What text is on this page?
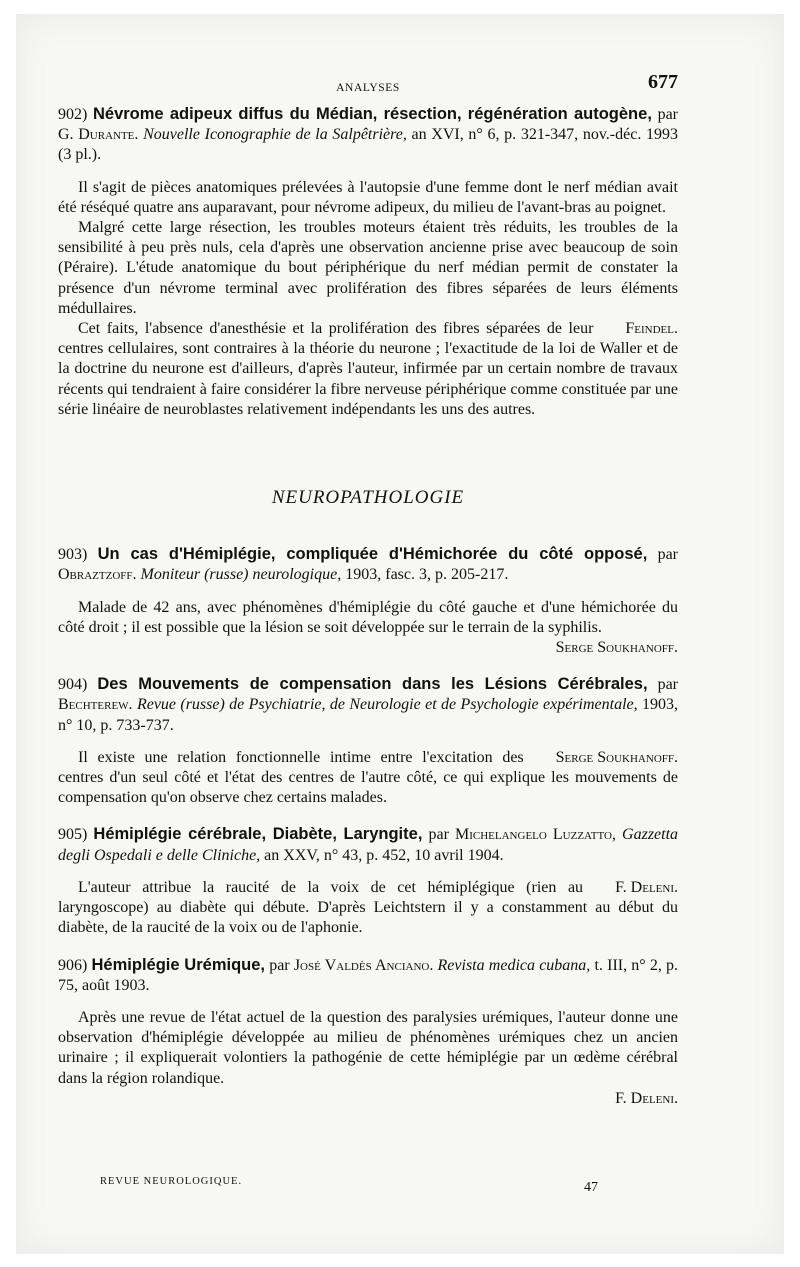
ANALYSES	677

902) Névrome adipeux diffus du Médian, résection, régénération autogène, par G. Durante. Nouvelle Iconographie de la Salpêtrière, an XVI, n° 6, p. 321-347, nov.-déc. 1993 (3 pl.).

Il s'agit de pièces anatomiques prélevées à l'autopsie d'une femme dont le nerf médian avait été réséqué quatre ans auparavant, pour névrome adipeux, du milieu de l'avant-bras au poignet.

Malgré cette large résection, les troubles moteurs étaient très réduits, les troubles de la sensibilité à peu près nuls, cela d'après une observation ancienne prise avec beaucoup de soin (Péraire). L'étude anatomique du bout périphérique du nerf médian permit de constater la présence d'un névrome terminal avec prolifération des fibres séparées de leurs éléments médullaires.

Feindel.
Cet faits, l'absence d'anesthésie et la prolifération des fibres séparées de leur centres cellulaires, sont contraires à la théorie du neurone ; l'exactitude de la loi de Waller et de la doctrine du neurone est d'ailleurs, d'après l'auteur, infirmée par un certain nombre de travaux récents qui tendraient à faire considérer la fibre nerveuse périphérique comme constituée par une série linéaire de neuroblastes relativement indépendants les uns des autres.

NEUROPATHOLOGIE

903) Un cas d'Hémiplégie, compliquée d'Hémichorée du côté opposé, par Obraztzoff. Moniteur (russe) neurologique, 1903, fasc. 3, p. 205-217.

Malade de 42 ans, avec phénomènes d'hémiplégie du côté gauche et d'une hémichorée du côté droit ; il est possible que la lésion se soit développée sur le terrain de la syphilis.

Serge Soukhanoff.

904) Des Mouvements de compensation dans les Lésions Cérébrales, par Bechterew. Revue (russe) de Psychiatrie, de Neurologie et de Psychologie expérimentale, 1903, n° 10, p. 733-737.

Serge Soukhanoff.
Il existe une relation fonctionnelle intime entre l'excitation des centres d'un seul côté et l'état des centres de l'autre côté, ce qui explique les mouvements de compensation qu'on observe chez certains malades.

905) Hémiplégie cérébrale, Diabète, Laryngite, par Michelangelo Luzzatto, Gazzetta degli Ospedali e delle Cliniche, an XXV, n° 43, p. 452, 10 avril 1904.

F. Deleni.
L'auteur attribue la raucité de la voix de cet hémiplégique (rien au laryngoscope) au diabète qui débute. D'après Leichtstern il y a constamment au début du diabète, de la raucité de la voix ou de l'aphonie.

906) Hémiplégie Urémique, par José Valdès Anciano. Revista medica cubana, t. III, n° 2, p. 75, août 1903.

Après une revue de l'état actuel de la question des paralysies urémiques, l'auteur donne une observation d'hémiplégie développée au milieu de phénomènes urémiques chez un ancien urinaire ; il expliquerait volontiers la pathogénie de cette hémiplégie par un œdème cérébral dans la région rolandique.

F. Deleni.

REVUE NEUROLOGIQUE.	47
